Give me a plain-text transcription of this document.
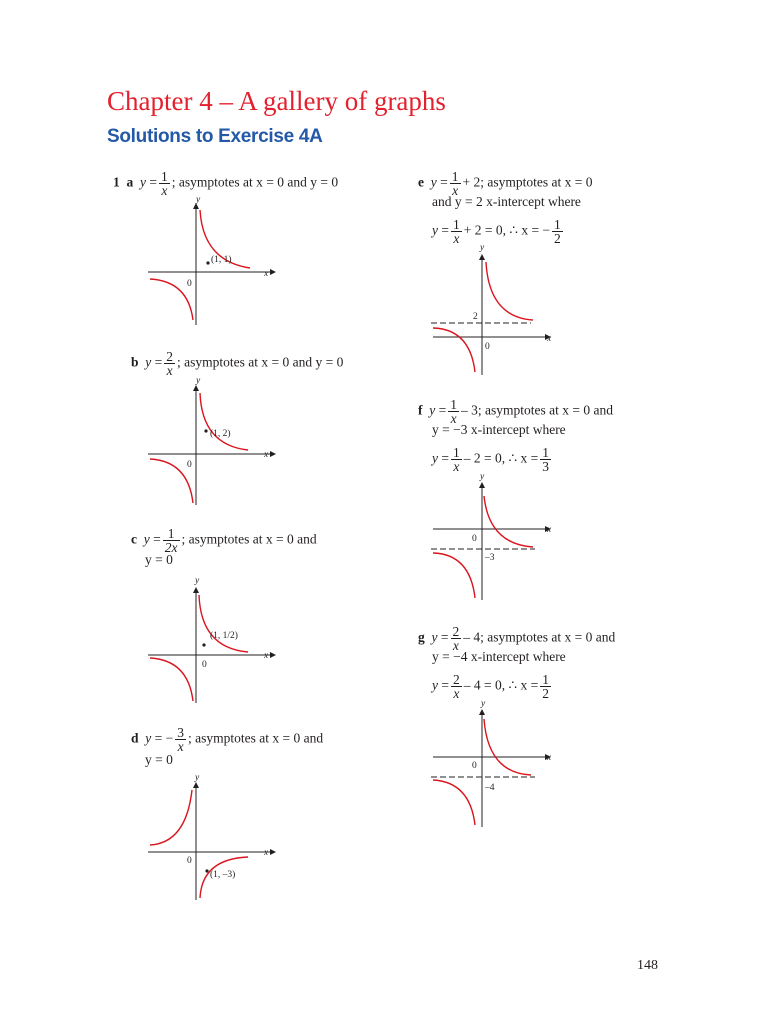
Chapter 4 – A gallery of graphs
Solutions to Exercise 4A
1 a $y = \frac{1}{x}$ ; asymptotes at x = 0 and y = 0
x
y
0
(1, 1)
b $y = \frac{2}{x}$ ; asymptotes at x = 0 and y = 0
x
y
0
(1, 2)
c $y = \frac{1}{2x}$ ; asymptotes at x = 0 and
y = 0
x
y
0
(1, 1/2)
d y = − $\frac{3}{x}$ ; asymptotes at x = 0 and
y = 0
x
y
0
(1, –3)
e $y = \frac{1}{x} + 2$; asymptotes at x = 0
and y = 2 x-intercept where
$y = \frac{1}{x} + 2 = 0$, ∴ x = − $\frac{1}{2}$
x
y
0
2
f $y = \frac{1}{x} - 3$; asymptotes at x = 0 and
y = −3 x-intercept where
$y = \frac{1}{x} - 2 = 0$, ∴ $x = \frac{1}{3}$
x
y
0
–3
g $y = \frac{2}{x} - 4$; asymptotes at x = 0 and
y = −4 x-intercept where
$y = \frac{2}{x} - 4 = 0$, ∴ $x = \frac{1}{2}$
x
y
0
–4
148
